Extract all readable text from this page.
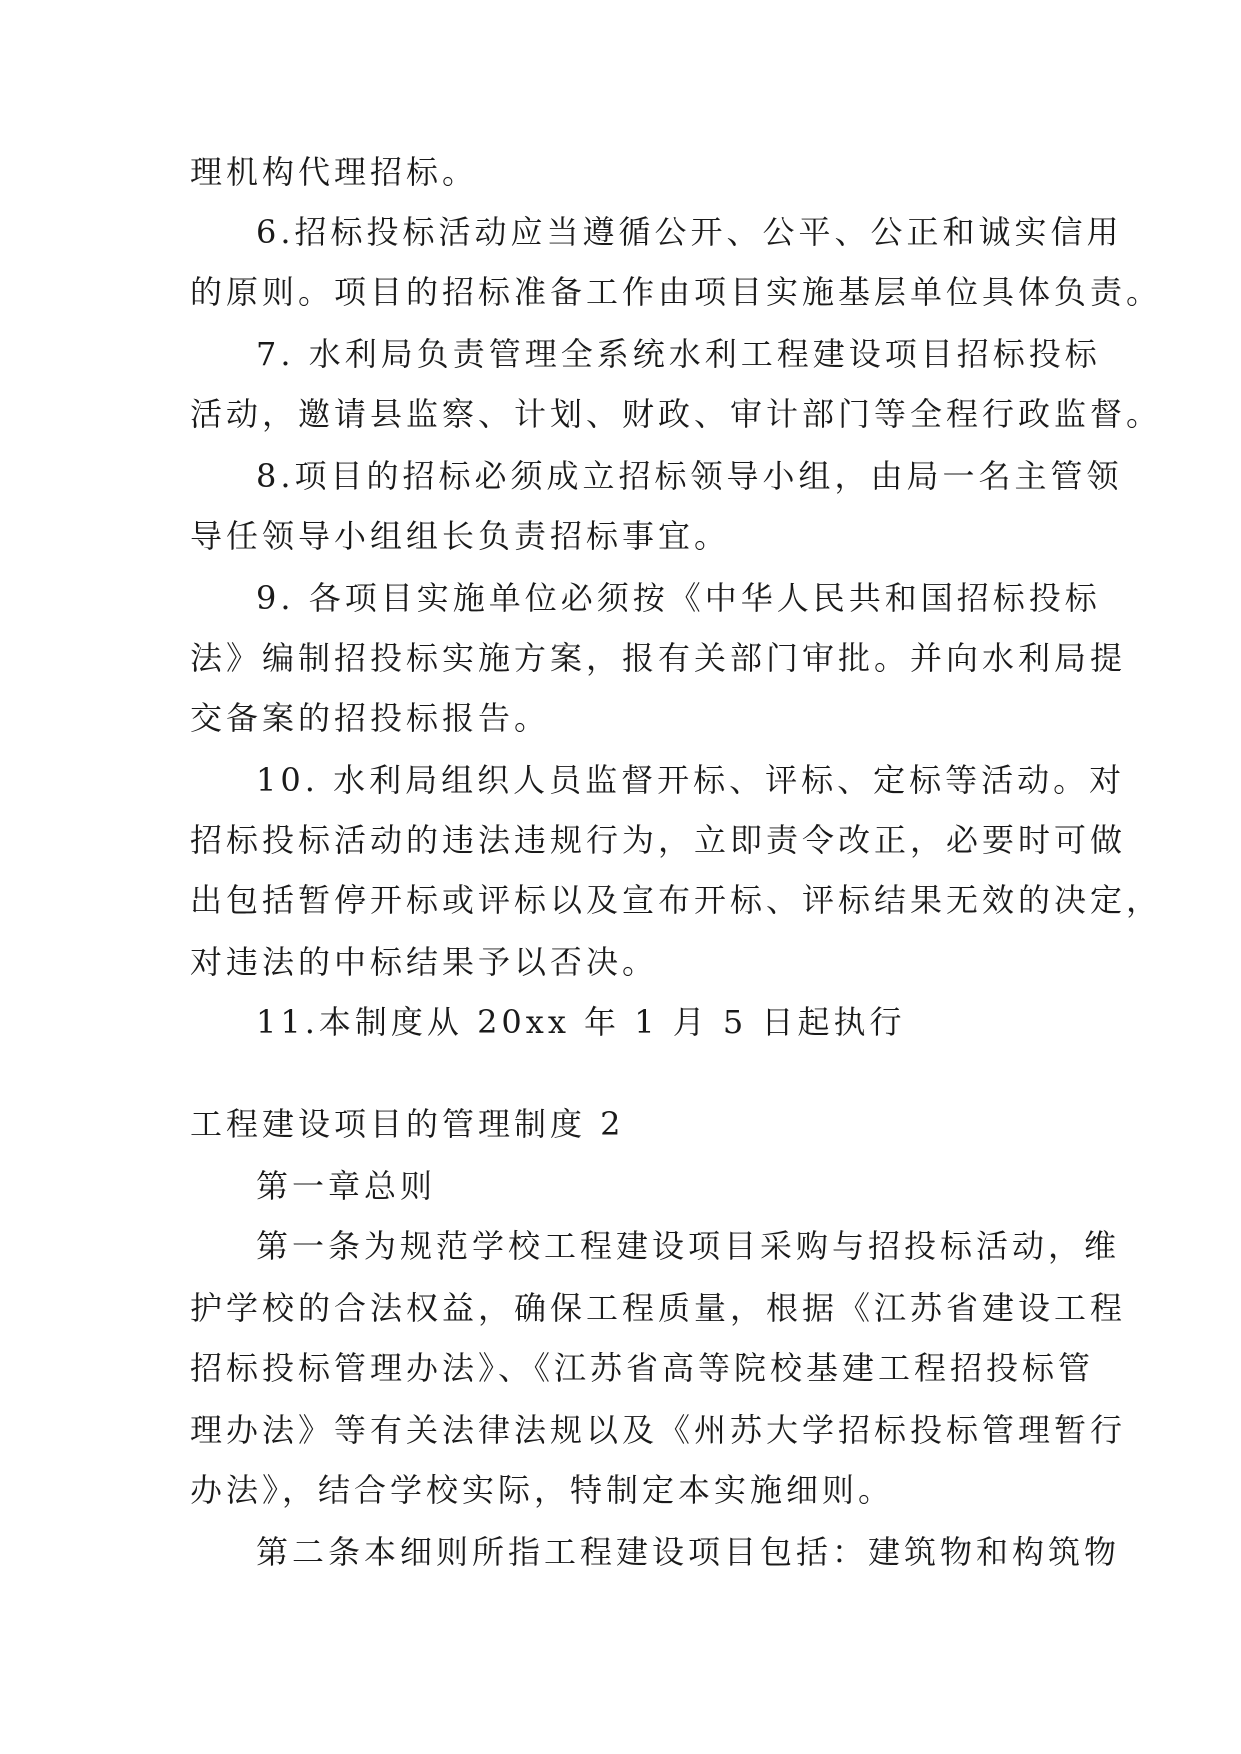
理机构代理招标。
6.招标投标活动应当遵循公开、公平、公正和诚实信用
的原则。项目的招标准备工作由项目实施基层单位具体负责。
7. 水利局负责管理全系统水利工程建设项目招标投标
活动，邀请县监察、计划、财政、审计部门等全程行政监督。
8.项目的招标必须成立招标领导小组，由局一名主管领
导任领导小组组长负责招标事宜。
9. 各项目实施单位必须按《中华人民共和国招标投标
法》编制招投标实施方案，报有关部门审批。并向水利局提
交备案的招投标报告。
10. 水利局组织人员监督开标、评标、定标等活动。对
招标投标活动的违法违规行为，立即责令改正，必要时可做
出包括暂停开标或评标以及宣布开标、评标结果无效的决定，
对违法的中标结果予以否决。
11.本制度从 20xx 年 1 月 5 日起执行
工程建设项目的管理制度 2
第一章总则
第一条为规范学校工程建设项目采购与招投标活动，维
护学校的合法权益，确保工程质量，根据《江苏省建设工程
招标投标管理办法》、《江苏省高等院校基建工程招投标管
理办法》等有关法律法规以及《州苏大学招标投标管理暂行
办法》，结合学校实际，特制定本实施细则。
第二条本细则所指工程建设项目包括：建筑物和构筑物
